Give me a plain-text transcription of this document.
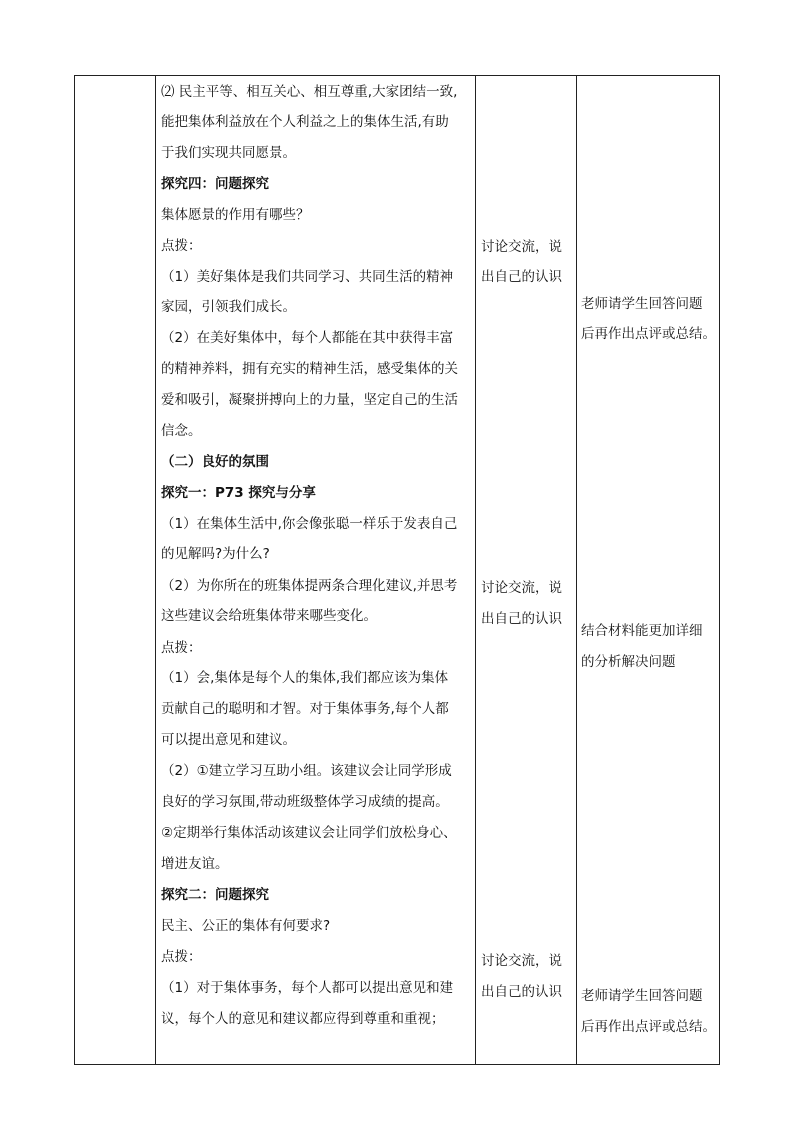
⑵ 民主平等、相互关心、相互尊重,大家团结一致,
能把集体利益放在个人利益之上的集体生活,有助
于我们实现共同愿景。
探究四：问题探究
集体愿景的作用有哪些？
点拨：
（1）美好集体是我们共同学习、共同生活的精神
家园，引领我们成长。
（2）在美好集体中，每个人都能在其中获得丰富
的精神养料，拥有充实的精神生活，感受集体的关
爱和吸引，凝聚拼搏向上的力量，坚定自己的生活
信念。
（二）良好的氛围
探究一：P73 探究与分享
（1）在集体生活中,你会像张聪一样乐于发表自己
的见解吗?为什么?
（2）为你所在的班集体提两条合理化建议,并思考
这些建议会给班集体带来哪些变化。
点拨：
（1）会,集体是每个人的集体,我们都应该为集体
贡献自己的聪明和才智。对于集体事务,每个人都
可以提出意见和建议。
（2）①建立学习互助小组。该建议会让同学形成
良好的学习氛围,带动班级整体学习成绩的提高。
②定期举行集体活动该建议会让同学们放松身心、
增进友谊。
探究二：问题探究
民主、公正的集体有何要求?
点拨：
（1）对于集体事务，每个人都可以提出意见和建
议，每个人的意见和建议都应得到尊重和重视；
讨论交流，说
出自己的认识
讨论交流，说
出自己的认识
讨论交流，说
出自己的认识
老师请学生回答问题
后再作出点评或总结。
结合材料能更加详细
的分析解决问题
老师请学生回答问题
后再作出点评或总结。
